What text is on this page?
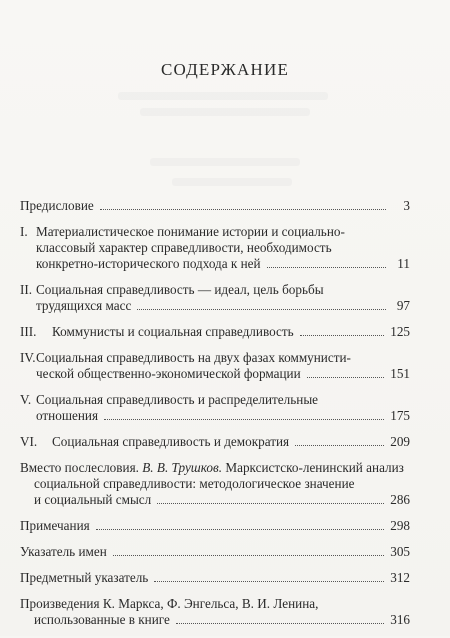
СОДЕРЖАНИЕ
Предисловие	3
I. Материалистическое понимание истории и социально-
классовый характер справедливости, необходимость
конкретно-исторического подхода к ней	11
II. Социальная справедливость — идеал, цель борьбы
трудящихся масс	97
III.	Коммунисты и социальная справедливость	125
IV. Социальная справедливость на двух фазах коммунисти-
ческой общественно-экономической формации	151
V. Социальная справедливость и распределительные
отношения	175
VI.	Социальная справедливость и демократия	209
Вместо послесловия. В. В. Трушков. Марксистско-ленинский анализ
социальной справедливости: методологическое значение
и социальный смысл	286
Примечания	298
Указатель имен	305
Предметный указатель	312
Произведения К. Маркса, Ф. Энгельса, В. И. Ленина,
использованные в книге	316
